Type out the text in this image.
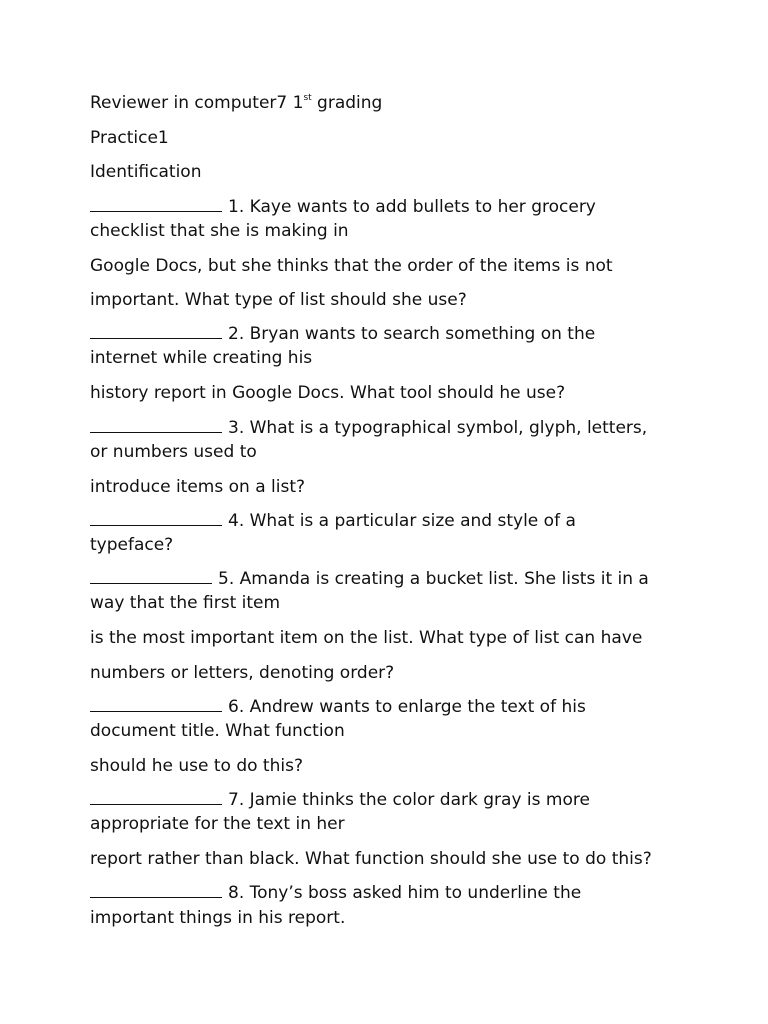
Reviewer in computer7 1st grading
Practice1
Identification
1. Kaye wants to add bullets to her grocery
checklist that she is making in
Google Docs, but she thinks that the order of the items is not
important. What type of list should she use?
2. Bryan wants to search something on the
internet while creating his
history report in Google Docs. What tool should he use?
3. What is a typographical symbol, glyph, letters,
or numbers used to
introduce items on a list?
4. What is a particular size and style of a
typeface?
5. Amanda is creating a bucket list. She lists it in a
way that the first item
is the most important item on the list. What type of list can have
numbers or letters, denoting order?
6. Andrew wants to enlarge the text of his
document title. What function
should he use to do this?
7. Jamie thinks the color dark gray is more
appropriate for the text in her
report rather than black. What function should she use to do this?
8. Tony’s boss asked him to underline the
important things in his report.
